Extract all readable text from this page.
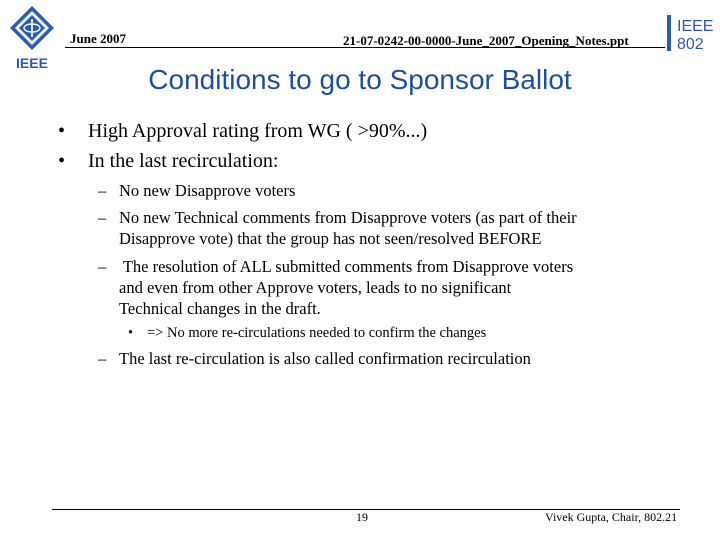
IEEE
June 2007	21-07-0242-00-0000-June_2007_Opening_Notes.ppt
IEEE
802
Conditions to go to Sponsor Ballot
• High Approval rating from WG ( >90%...)
• In the last recirculation:
– No new Disapprove voters
– No new Technical comments from Disapprove voters (as part of their
Disapprove vote) that the group has not seen/resolved BEFORE
– The resolution of ALL submitted comments from Disapprove voters
and even from other Approve voters, leads to no significant
Technical changes in the draft.
• => No more re-circulations needed to confirm the changes
– The last re-circulation is also called confirmation recirculation
19	Vivek Gupta, Chair, 802.21
